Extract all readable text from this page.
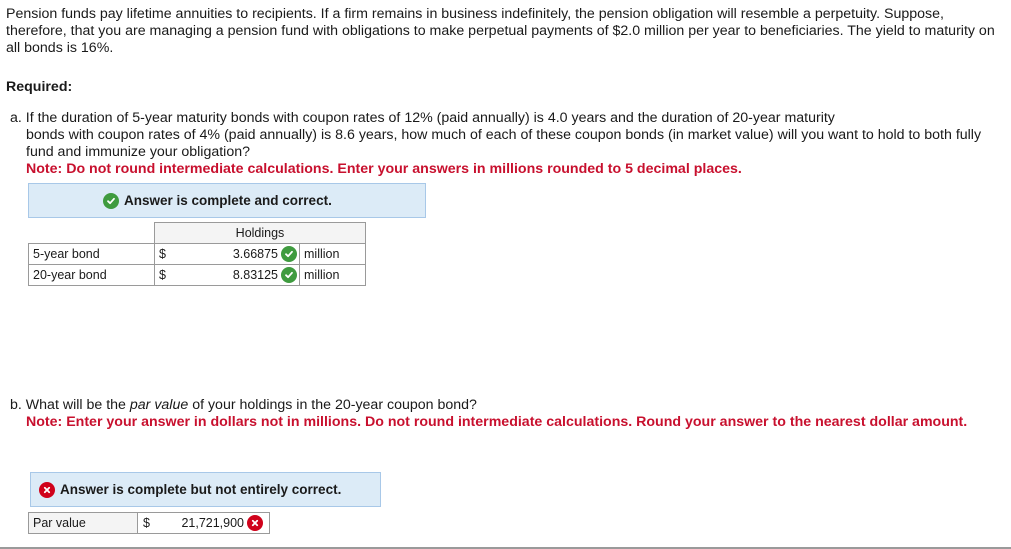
Pension funds pay lifetime annuities to recipients. If a firm remains in business indefinitely, the pension obligation will resemble a perpetuity. Suppose, therefore, that you are managing a pension fund with obligations to make perpetual payments of $2.0 million per year to beneficiaries. The yield to maturity on all bonds is 16%.

Required:

a. If the duration of 5-year maturity bonds with coupon rates of 12% (paid annually) is 4.0 years and the duration of 20-year maturity
bonds with coupon rates of 4% (paid annually) is 8.6 years, how much of each of these coupon bonds (in market value) will you want to hold to both fully fund and immunize your obligation?
Note: Do not round intermediate calculations. Enter your answers in millions rounded to 5 decimal places.

Answer is complete and correct.
	Holdings		
5-year bond	$	3.66875	million
20-year bond	$	8.83125	million

b. What will be the par value of your holdings in the 20-year coupon bond?
Note: Enter your answer in dollars not in millions. Do not round intermediate calculations. Round your answer to the nearest dollar amount.

Answer is complete but not entirely correct.
Par value	$	21,721,900
